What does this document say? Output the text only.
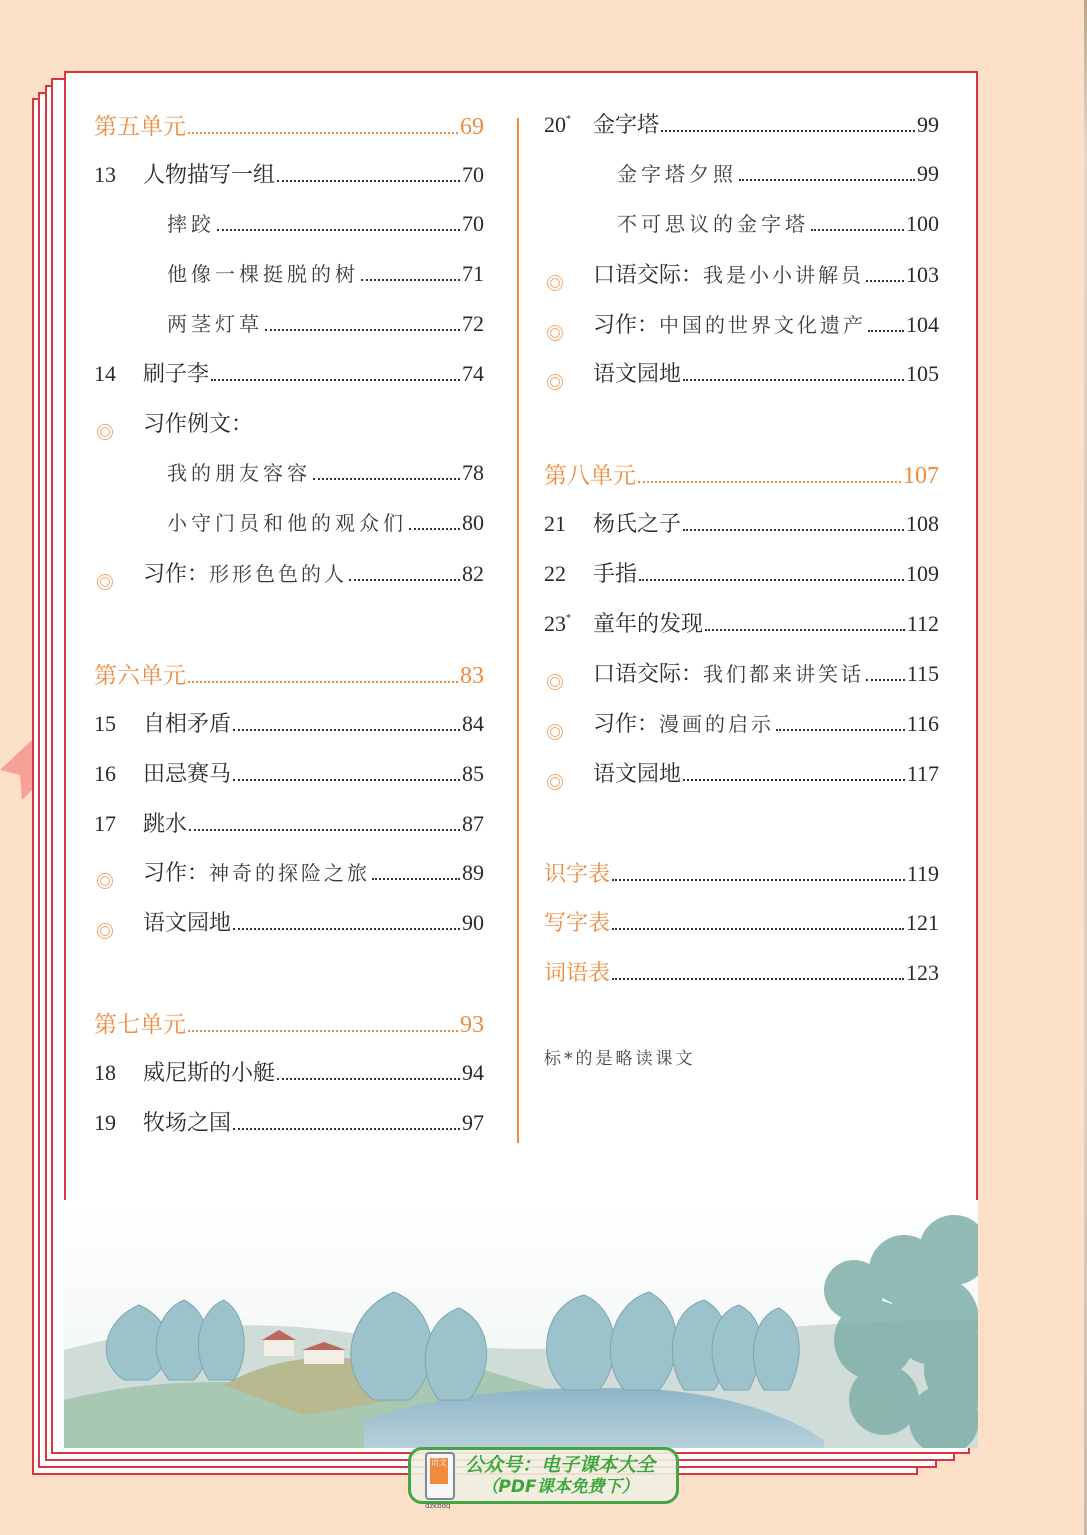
第五单元	69
13	人物描写一组	70
摔跤	70
他像一棵挺脱的树	71
两茎灯草	72
14	刷子李	74
习作例文：
我的朋友容容	78
小守门员和他的观众们	80
习作：形形色色的人	82
第六单元	83
15	自相矛盾	84
16	田忌赛马	85
17	跳水	87
习作：神奇的探险之旅	89
语文园地	90
第七单元	93
18	威尼斯的小艇	94
19	牧场之国	97
20*	金字塔	99
金字塔夕照	99
不可思议的金字塔	100
口语交际：我是小小讲解员 103
习作：中国的世界文化遗产 104
语文园地	105
第八单元	107
21	杨氏之子	108
22	手指	109
23*	童年的发现	112
口语交际：我们都来讲笑话 115
习作：漫画的启示	116
语文园地	117
识字表	119
写字表	121
词语表	123
标*的是略读课文
语文
dzkbdq
公众号：电子课本大全
（PDF课本免费下）
